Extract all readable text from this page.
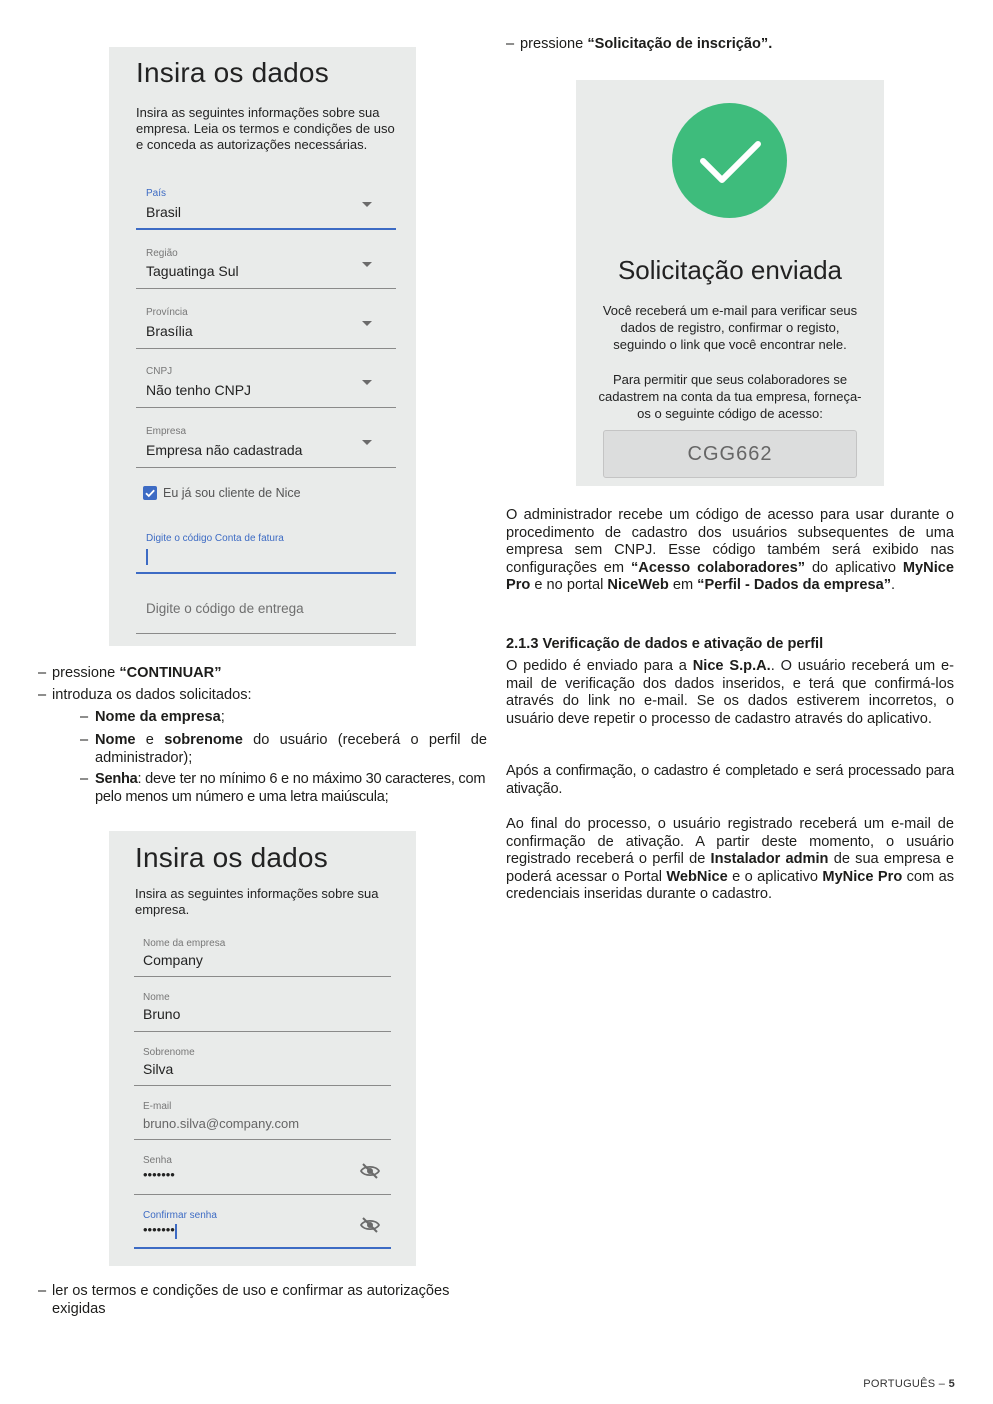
Insira os dados
Insira as seguintes informações sobre sua empresa. Leia os termos e condições de uso e conceda as autorizações necessárias.
País
Brasil
Região
Taguatinga Sul
Província
Brasília
CNPJ
Não tenho CNPJ
Empresa
Empresa não cadastrada
Eu já sou cliente de Nice
Digite o código Conta de fatura
Digite o código de entrega
– pressione “CONTINUAR”
– introduza os dados solicitados:
– Nome da empresa;
– Nome e sobrenome do usuário (receberá o perfil de administrador);
– Senha: deve ter no mínimo 6 e no máximo 30 caracteres, com pelo menos um número e uma letra maiúscula;
Insira os dados
Insira as seguintes informações sobre sua empresa.
Nome da empresa
Company
Nome
Bruno
Sobrenome
Silva
E-mail
bruno.silva@company.com
Senha
•••••••
Confirmar senha
•••••••
– ler os termos e condições de uso e confirmar as autorizações exigidas
– pressione “Solicitação de inscrição”.
Solicitação enviada
Você receberá um e-mail para verificar seus dados de registro, confirmar o registo, seguindo o link que você encontrar nele.
Para permitir que seus colaboradores se cadastrem na conta da tua empresa, forneça-os o seguinte código de acesso:
CGG662
O administrador recebe um código de acesso para usar durante o procedimento de cadastro dos usuários subsequentes de uma empresa sem CNPJ. Esse código também será exibido nas configurações em “Acesso colaboradores” do aplicativo MyNice Pro e no portal NiceWeb em “Perfil - Dados da empresa”.
2.1.3 Verificação de dados e ativação de perfil
O pedido é enviado para a Nice S.p.A.. O usuário receberá um e-mail de verificação dos dados inseridos, e terá que confirmá-los através do link no e-mail. Se os dados estiverem incorretos, o usuário deve repetir o processo de cadastro através do aplicativo.
Após a confirmação, o cadastro é completado e será processado para ativação.
Ao final do processo, o usuário registrado receberá um e-mail de confirmação de ativação. A partir deste momento, o usuário registrado receberá o perfil de Instalador admin de sua empresa e poderá acessar o Portal WebNice e o aplicativo MyNice Pro com as credenciais inseridas durante o cadastro.
PORTUGUÊS – 5
